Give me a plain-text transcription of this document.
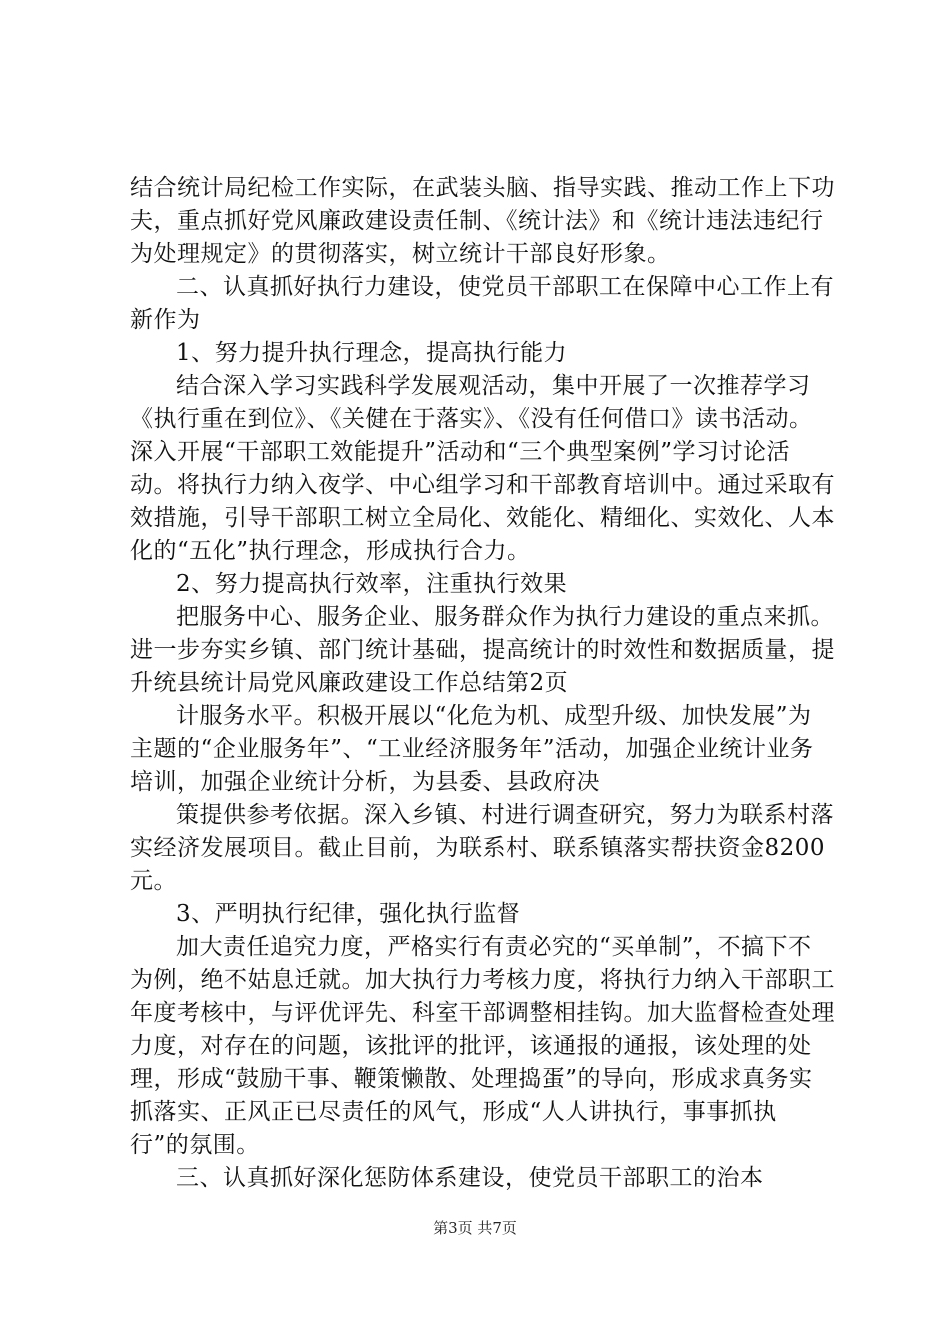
结合统计局纪检工作实际，在武装头脑、指导实践、推动工作上下功夫，重点抓好党风廉政建设责任制、《统计法》和《统计违法违纪行为处理规定》的贯彻落实，树立统计干部良好形象。

二、认真抓好执行力建设，使党员干部职工在保障中心工作上有新作为

1、努力提升执行理念，提高执行能力

结合深入学习实践科学发展观活动，集中开展了一次推荐学习《执行重在到位》、《关健在于落实》、《没有任何借口》读书活动。深入开展“干部职工效能提升”活动和“三个典型案例”学习讨论活动。将执行力纳入夜学、中心组学习和干部教育培训中。通过采取有效措施，引导干部职工树立全局化、效能化、精细化、实效化、人本化的“五化”执行理念，形成执行合力。

2、努力提高执行效率，注重执行效果

把服务中心、服务企业、服务群众作为执行力建设的重点来抓。进一步夯实乡镇、部门统计基础，提高统计的时效性和数据质量，提升统县统计局党风廉政建设工作总结第2页

计服务水平。积极开展以“化危为机、成型升级、加快发展”为主题的“企业服务年”、“工业经济服务年”活动，加强企业统计业务培训，加强企业统计分析，为县委、县政府决

策提供参考依据。深入乡镇、村进行调查研究，努力为联系村落实经济发展项目。截止目前，为联系村、联系镇落实帮扶资金8200元。

3、严明执行纪律，强化执行监督

加大责任追究力度，严格实行有责必究的“买单制”，不搞下不为例，绝不姑息迁就。加大执行力考核力度，将执行力纳入干部职工年度考核中，与评优评先、科室干部调整相挂钩。加大监督检查处理力度，对存在的问题，该批评的批评，该通报的通报，该处理的处理，形成“鼓励干事、鞭策懒散、处理捣蛋”的导向，形成求真务实抓落实、正风正已尽责任的风气，形成“人人讲执行，事事抓执行”的氛围。

三、认真抓好深化惩防体系建设，使党员干部职工的治本

第3页 共7页
